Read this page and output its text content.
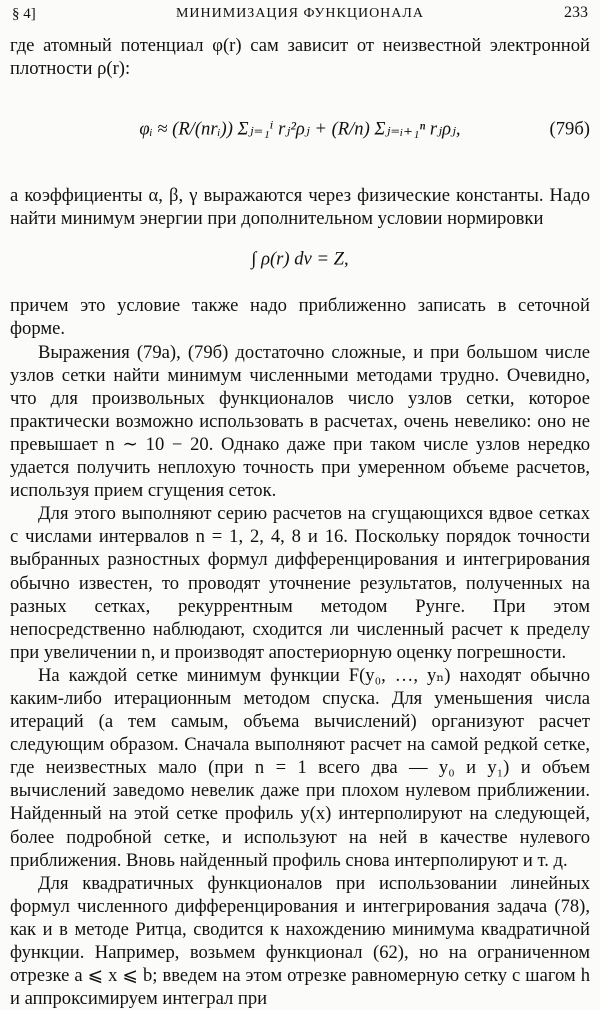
§ 4]	МИНИМИЗАЦИЯ ФУНКЦИОНАЛА	233

где атомный потенциал φ(r) сам зависит от неизвестной электронной плотности ρ(r):

φᵢ ≈ (R/(nrᵢ)) Σⱼ₌₁ⁱ rⱼ²ρⱼ + (R/n) Σⱼ₌ᵢ₊₁ⁿ rⱼρⱼ,	(79б)

а коэффициенты α, β, γ выражаются через физические константы. Надо найти минимум энергии при дополнительном условии нормировки

∫ ρ(r) dv = Z,

причем это условие также надо приближенно записать в сеточной форме.

Выражения (79а), (79б) достаточно сложные, и при большом числе узлов сетки найти минимум численными методами трудно. Очевидно, что для произвольных функционалов число узлов сетки, которое практически возможно использовать в расчетах, очень невелико: оно не превышает n ∼ 10 − 20. Однако даже при таком числе узлов нередко удается получить неплохую точность при умеренном объеме расчетов, используя прием сгущения сеток.

Для этого выполняют серию расчетов на сгущающихся вдвое сетках с числами интервалов n = 1, 2, 4, 8 и 16. Поскольку порядок точности выбранных разностных формул дифференцирования и интегрирования обычно известен, то проводят уточнение результатов, полученных на разных сетках, рекуррентным методом Рунге. При этом непосредственно наблюдают, сходится ли численный расчет к пределу при увеличении n, и производят апостериорную оценку погрешности.

На каждой сетке минимум функции F(y₀, …, yₙ) находят обычно каким-либо итерационным методом спуска. Для уменьшения числа итераций (а тем самым, объема вычислений) организуют расчет следующим образом. Сначала выполняют расчет на самой редкой сетке, где неизвестных мало (при n = 1 всего два — y₀ и y₁) и объем вычислений заведомо невелик даже при плохом нулевом приближении. Найденный на этой сетке профиль y(x) интерполируют на следующей, более подробной сетке, и используют на ней в качестве нулевого приближения. Вновь найденный профиль снова интерполируют и т. д.

Для квадратичных функционалов при использовании линейных формул численного дифференцирования и интегрирования задача (78), как и в методе Ритца, сводится к нахождению минимума квадратичной функции. Например, возьмем функционал (62), но на ограниченном отрезке a ⩽ x ⩽ b; введем на этом отрезке равномерную сетку с шагом h и аппроксимируем интеграл при
